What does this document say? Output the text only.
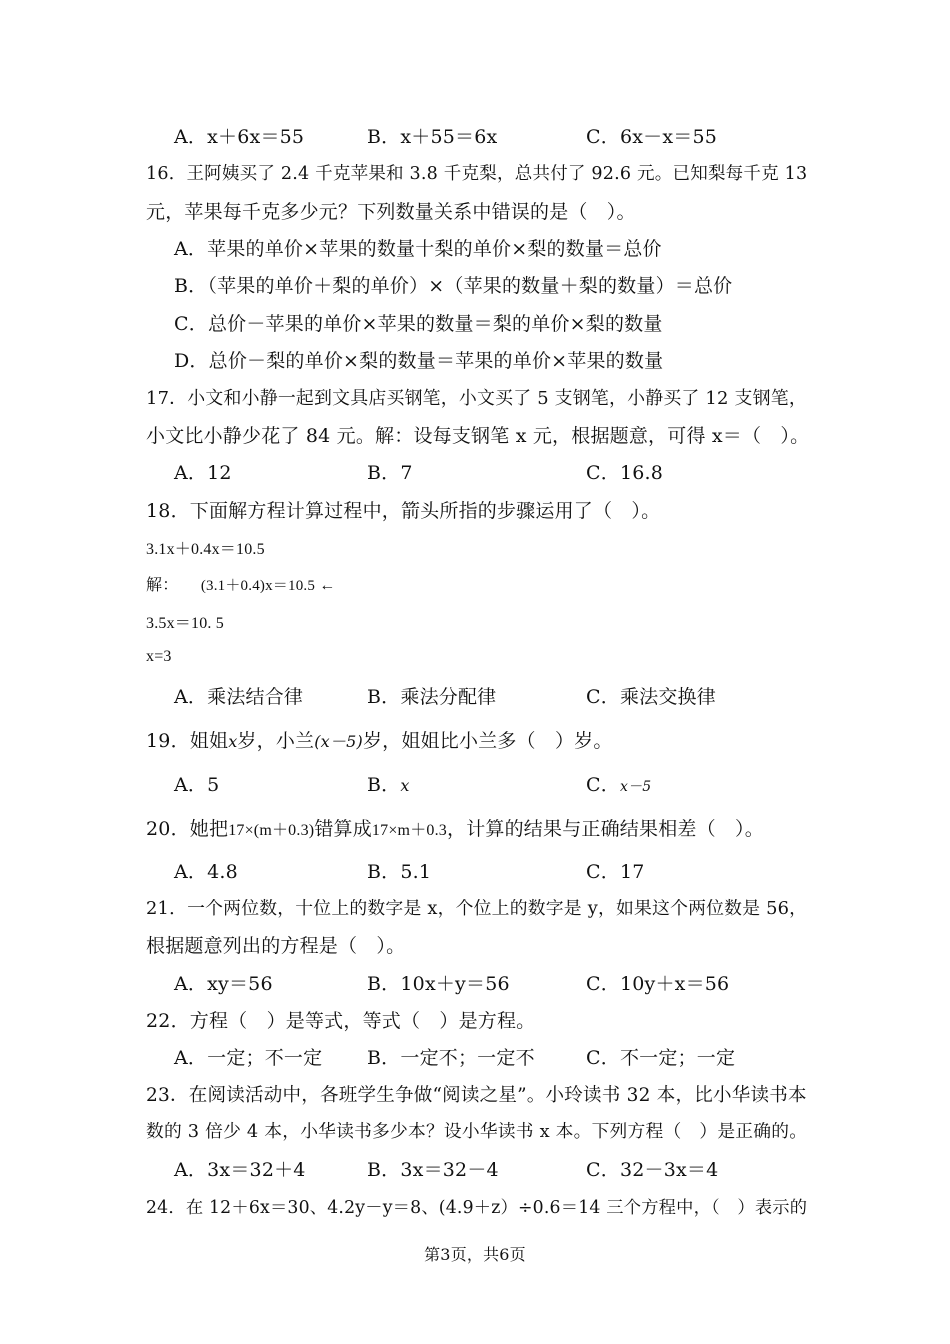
A．x＋6x＝55	B．x＋55＝6x	C．6x－x＝55
16．王阿姨买了 2.4 千克苹果和 3.8 千克梨，总共付了 92.6 元。已知梨每千克 13
元，苹果每千克多少元？下列数量关系中错误的是（　）。
A．苹果的单价×苹果的数量十梨的单价×梨的数量＝总价
B．（苹果的单价＋梨的单价）×（苹果的数量＋梨的数量）＝总价
C．总价－苹果的单价×苹果的数量＝梨的单价×梨的数量
D．总价－梨的单价×梨的数量＝苹果的单价×苹果的数量
17．小文和小静一起到文具店买钢笔，小文买了 5 支钢笔，小静买了 12 支钢笔，
小文比小静少花了 84 元。解：设每支钢笔 x 元，根据题意，可得 x＝（　）。
A．12	B．7	C．16.8
18．下面解方程计算过程中，箭头所指的步骤运用了（　）。
3.1x＋0.4x＝10.5
解： (3.1＋0.4)x＝10.5 ←
3.5x＝10. 5
x=3
A．乘法结合律	B．乘法分配律	C．乘法交换律
19．姐姐x岁，小兰(x－5)岁，姐姐比小兰多（　）岁。
A．5	B．x	C．x－5
20．她把17×(m＋0.3)错算成17×m＋0.3，计算的结果与正确结果相差（　）。
A．4.8	B．5.1	C．17
21．一个两位数，十位上的数字是 x，个位上的数字是 y，如果这个两位数是 56，
根据题意列出的方程是（　）。
A．xy＝56	B．10x＋y＝56	C．10y＋x＝56
22．方程（　）是等式，等式（　）是方程。
A．一定；不一定 B．一定不；一定不	C．不一定；一定
23．在阅读活动中，各班学生争做“阅读之星”。小玲读书 32 本，比小华读书本
数的 3 倍少 4 本，小华读书多少本？设小华读书 x 本。下列方程（　）是正确的。
A．3x＝32＋4	B．3x＝32－4	C．32－3x＝4
24．在 12＋6x＝30、4.2y－y＝8、(4.9＋z）÷0.6＝14 三个方程中，（　）表示的
第3页，共6页
